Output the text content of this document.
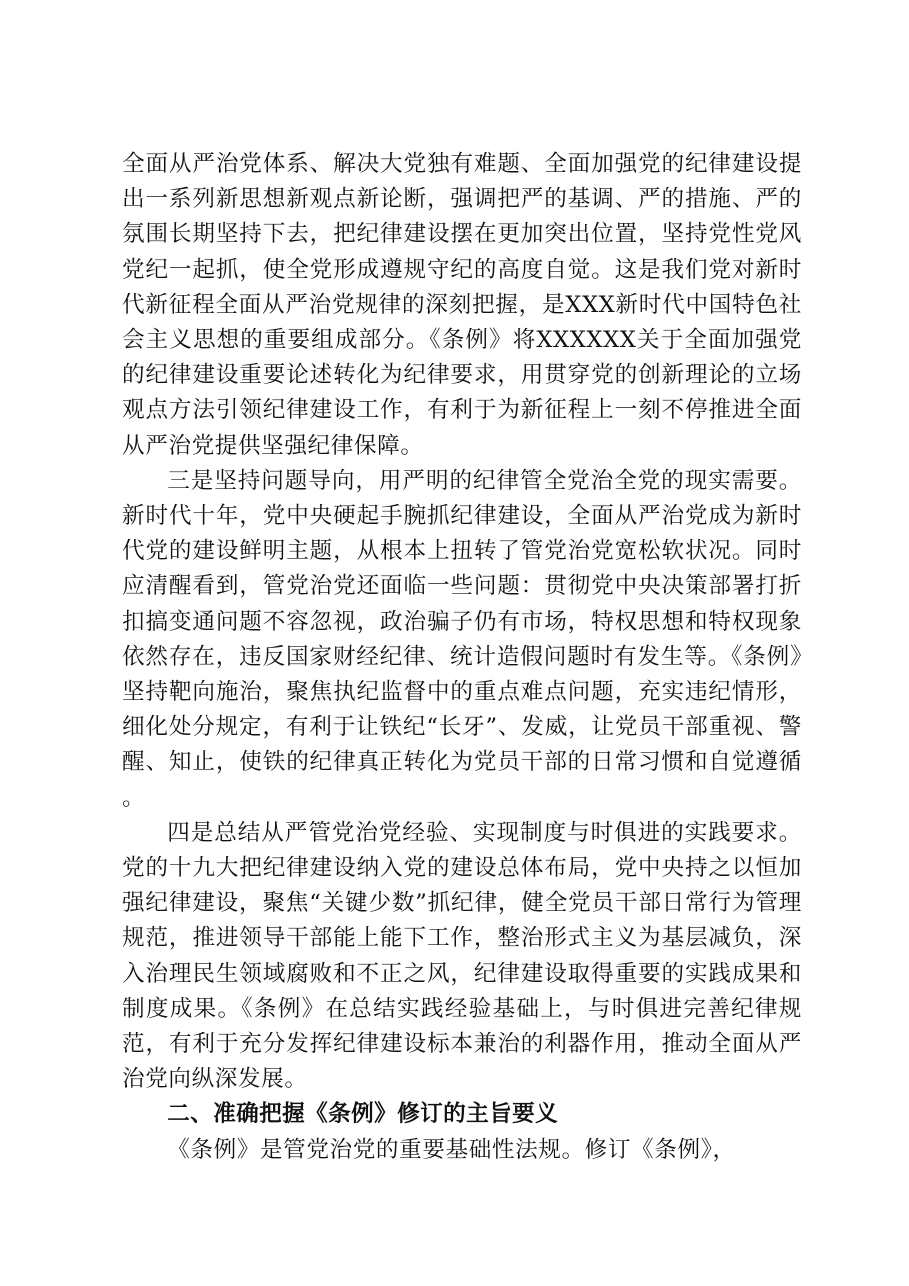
全面从严治党体系、解决大党独有难题、全面加强党的纪律建设提出一系列新思想新观点新论断，强调把严的基调、严的措施、严的氛围长期坚持下去，把纪律建设摆在更加突出位置，坚持党性党风党纪一起抓，使全党形成遵规守纪的高度自觉。这是我们党对新时代新征程全面从严治党规律的深刻把握，是XXX新时代中国特色社会主义思想的重要组成部分。《条例》将XXXXXX关于全面加强党的纪律建设重要论述转化为纪律要求，用贯穿党的创新理论的立场观点方法引领纪律建设工作，有利于为新征程上一刻不停推进全面从严治党提供坚强纪律保障。

三是坚持问题导向，用严明的纪律管全党治全党的现实需要。新时代十年，党中央硬起手腕抓纪律建设，全面从严治党成为新时代党的建设鲜明主题，从根本上扭转了管党治党宽松软状况。同时应清醒看到，管党治党还面临一些问题：贯彻党中央决策部署打折扣搞变通问题不容忽视，政治骗子仍有市场，特权思想和特权现象依然存在，违反国家财经纪律、统计造假问题时有发生等。《条例》坚持靶向施治，聚焦执纪监督中的重点难点问题，充实违纪情形，细化处分规定，有利于让铁纪“长牙”、发威，让党员干部重视、警醒、知止，使铁的纪律真正转化为党员干部的日常习惯和自觉遵循。

四是总结从严管党治党经验、实现制度与时俱进的实践要求。党的十九大把纪律建设纳入党的建设总体布局，党中央持之以恒加强纪律建设，聚焦“关键少数”抓纪律，健全党员干部日常行为管理规范，推进领导干部能上能下工作，整治形式主义为基层减负，深入治理民生领域腐败和不正之风，纪律建设取得重要的实践成果和制度成果。《条例》在总结实践经验基础上，与时俱进完善纪律规范，有利于充分发挥纪律建设标本兼治的利器作用，推动全面从严治党向纵深发展。

二、准确把握《条例》修订的主旨要义

《条例》是管党治党的重要基础性法规。修订《条例》，
